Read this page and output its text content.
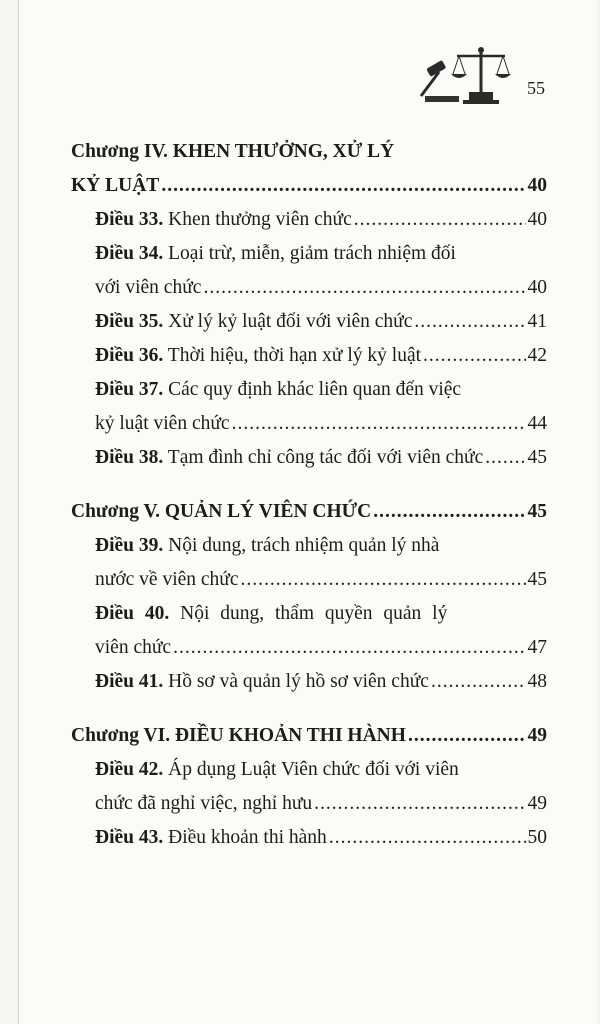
55
Chương IV. KHEN THƯỞNG, XỬ LÝ
KỶ LUẬT .....	40
Điều 33. Khen thưởng viên chức .....	40
Điều 34. Loại trừ, miễn, giảm trách nhiệm đối
với viên chức .....	40
Điều 35. Xử lý kỷ luật đối với viên chức .....	41
Điều 36. Thời hiệu, thời hạn xử lý kỷ luật .....	42
Điều 37. Các quy định khác liên quan đến việc
kỷ luật viên chức .....	44
Điều 38. Tạm đình chỉ công tác đối với viên chức ..... 45
Chương V. QUẢN LÝ VIÊN CHỨC .....	45
Điều 39. Nội dung, trách nhiệm quản lý nhà
nước về viên chức .....	45
Điều 40. Nội dung, thẩm quyền quản lý
viên chức .....	47
Điều 41. Hồ sơ và quản lý hồ sơ viên chức .....	48
Chương VI. ĐIỀU KHOẢN THI HÀNH .....	49
Điều 42. Áp dụng Luật Viên chức đối với viên
chức đã nghỉ việc, nghỉ hưu .....	49
Điều 43. Điều khoản thi hành .....	50
